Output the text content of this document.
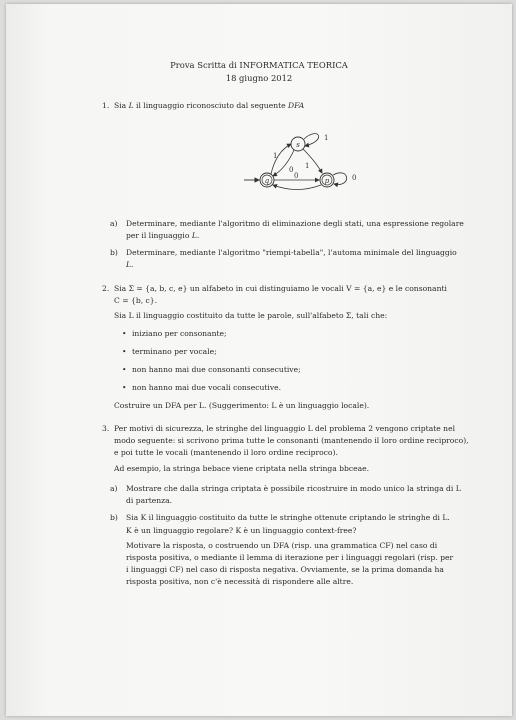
Prova Scritta di INFORMATICA TEORICA
18 giugno 2012
1. Sia L il linguaggio riconosciuto dal seguente DFA
s
q	p
1
1
0
0
1
0
a) Determinare, mediante l'algoritmo di eliminazione degli stati, una espressione regolare
per il linguaggio L.
b) Determinare, mediante l'algoritmo "riempi-tabella", l'automa minimale del linguaggio
L.
2. Sia Σ = {a, b, c, e} un alfabeto in cui distinguiamo le vocali V = {a, e} e le consonanti
C = {b, c}.
Sia L il linguaggio costituito da tutte le parole, sull'alfabeto Σ, tali che:
• iniziano per consonante;
• terminano per vocale;
• non hanno mai due consonanti consecutive;
• non hanno mai due vocali consecutive.
Costruire un DFA per L. (Suggerimento: L è un linguaggio locale).
3. Per motivi di sicurezza, le stringhe del linguaggio L del problema 2 vengono criptate nel
modo seguente: si scrivono prima tutte le consonanti (mantenendo il loro ordine reciproco),
e poi tutte le vocali (mantenendo il loro ordine reciproco).
Ad esempio, la stringa bebace viene criptata nella stringa bbceae.
a) Mostrare che dalla stringa criptata è possibile ricostruire in modo unico la stringa di L
di partenza.
b) Sia K il linguaggio costituito da tutte le stringhe ottenute criptando le stringhe di L.
K è un linguaggio regolare? K è un linguaggio context-free?
Motivare la risposta, o costruendo un DFA (risp. una grammatica CF) nel caso di
risposta positiva, o mediante il lemma di iterazione per i linguaggi regolari (risp. per
i linguaggi CF) nel caso di risposta negativa. Ovviamente, se la prima domanda ha
risposta positiva, non c'è necessità di rispondere alle altre.
